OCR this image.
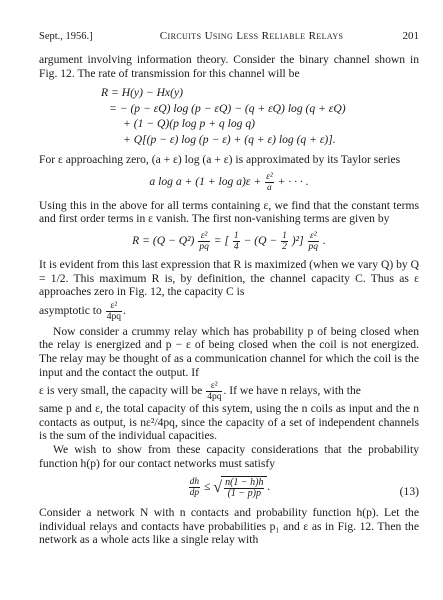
Sept., 1956.]	Circuits Using Less Reliable Relays	201

argument involving information theory. Consider the binary channel shown in Fig. 12. The rate of transmission for this channel will be

R = H(y) − Hx(y)
= − (p − εQ) log (p − εQ) − (q + εQ) log (q + εQ)
+ (1 − Q)(p log p + q log q)
+ Q[(p − ε) log (p − ε) + (q + ε) log (q + ε)].

For ε approaching zero, (a + ε) log (a + ε) is approximated by its Taylor series

a $\log a + (1 + \log a)\varepsilon + \frac{\text{ε²}}{a}$ + · · · .

Using this in the above for all terms containing ε, we find that the constant terms and first order terms in ε vanish. The first non-vanishing terms are given by

$R = (Q - Q^2) \frac{\text{ε²}}{pq}$ = [ $\frac{1}{4} - (Q - \frac{1}{2} )^2] \frac{\text{ε²}}{pq}$ .

It is evident from this last expression that R is maximized (when we vary Q) by Q = 1/2. This maximum R is, by definition, the channel capacity C. Thus as ε approaches zero in Fig. 12, the capacity C is

asymptotic to $\frac{\text{ε²}}{4pq}$ .

Now consider a crummy relay which has probability p of being closed when the relay is energized and p − ε of being closed when the coil is not energized. The relay may be thought of as a communication channel for which the coil is the input and the contact the output. If

ε is very small, the capacity will be $\frac{\text{ε²}}{4pq}$ . If we have n relays, with the

same p and ε, the total capacity of this sytem, using the n coils as input and the n contacts as output, is nε²/4pq, since the capacity of a set of independent channels is the sum of the individual capacities.

We wish to show from these capacity considerations that the probability function h(p) for our contact networks must satisfy

$\frac{dh}{dp}$ ≤ √ $\frac{n(1 - h)h}{(1 - p)p}$ .	(13)

Consider a network N with n contacts and probability function h(p). Let the individual relays and contacts have probabilities p₁ and ε as in Fig. 12. Then the network as a whole acts like a single relay with
